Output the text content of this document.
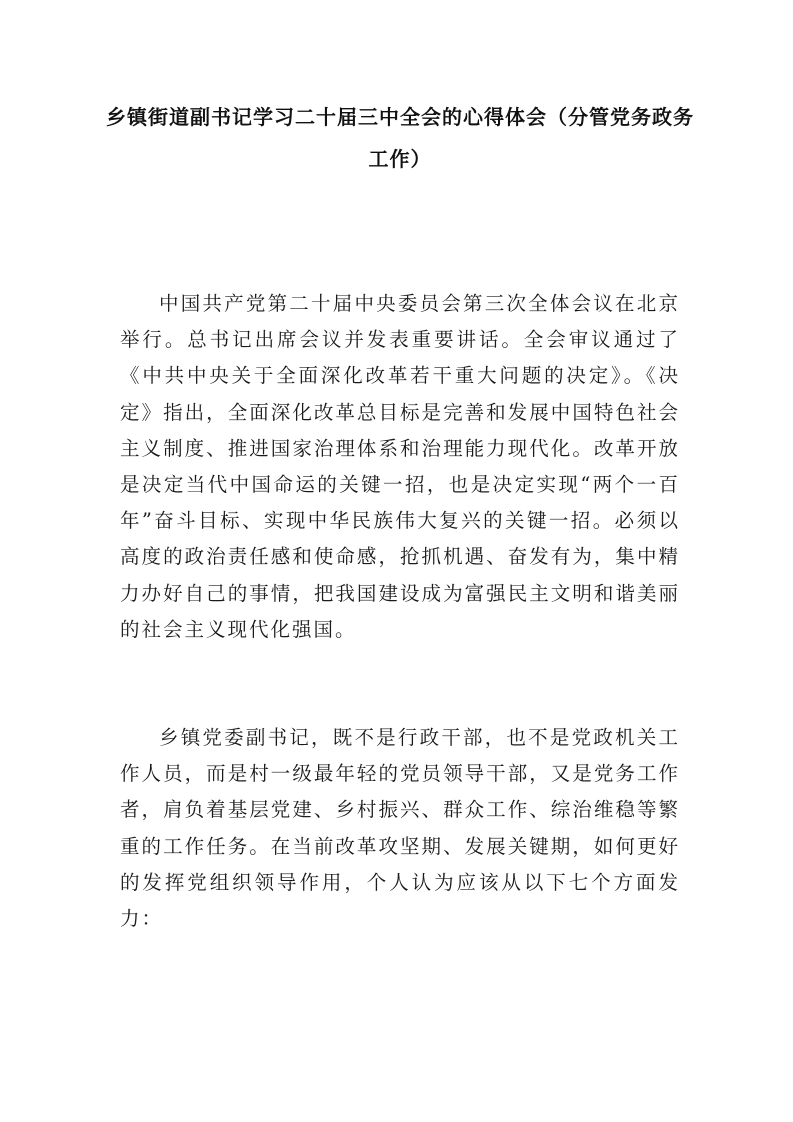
乡镇街道副书记学习二十届三中全会的心得体会（分管党务政务工作）

中国共产党第二十届中央委员会第三次全体会议在北京举行。总书记出席会议并发表重要讲话。全会审议通过了《中共中央关于全面深化改革若干重大问题的决定》。《决定》指出，全面深化改革总目标是完善和发展中国特色社会主义制度、推进国家治理体系和治理能力现代化。改革开放是决定当代中国命运的关键一招，也是决定实现“两个一百年”奋斗目标、实现中华民族伟大复兴的关键一招。必须以高度的政治责任感和使命感，抢抓机遇、奋发有为，集中精力办好自己的事情，把我国建设成为富强民主文明和谐美丽的社会主义现代化强国。

乡镇党委副书记，既不是行政干部，也不是党政机关工作人员，而是村一级最年轻的党员领导干部，又是党务工作者，肩负着基层党建、乡村振兴、群众工作、综治维稳等繁重的工作任务。在当前改革攻坚期、发展关键期，如何更好的发挥党组织领导作用，个人认为应该从以下七个方面发力：
